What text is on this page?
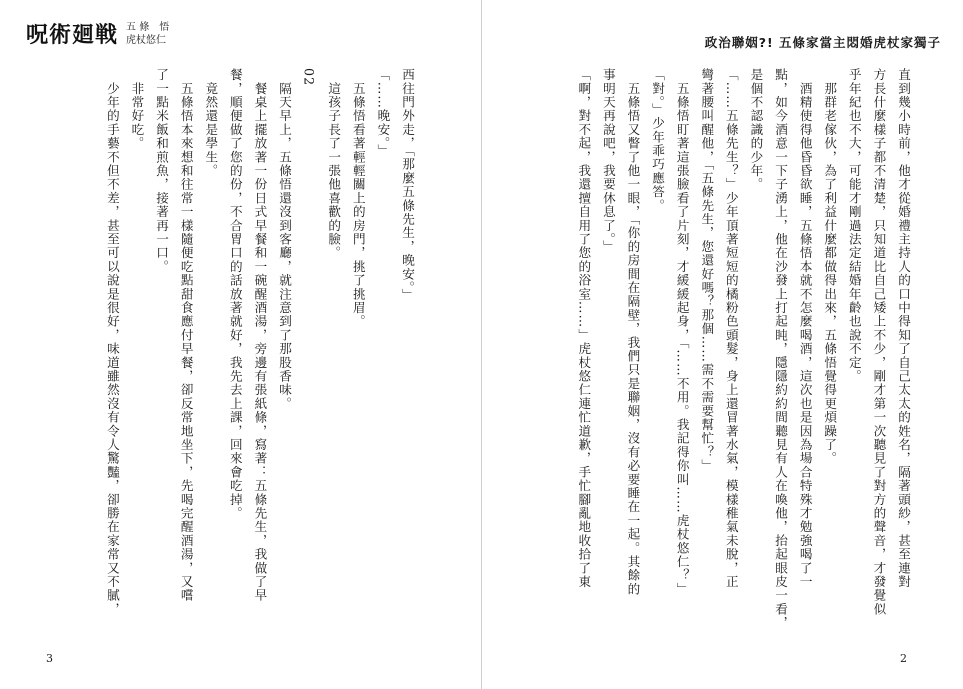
呪術廻戦 五 條　悟
虎杖悠仁

西往門外走，「那麼五條先生，晚安。」

「……晚安。」

　五條悟看著輕輕關上的房門，挑了挑眉。

　這孩子長了一張他喜歡的臉。

02

　隔天早上，五條悟還沒到客廳，就注意到了那股香味。

　餐桌上擺放著一份日式早餐和一碗醒酒湯，旁邊有張紙條，寫著：五條先生，我做了早

餐，順便做了您的份，不合胃口的話放著就好，我先去上課，回來會吃掉。

　竟然還是學生。

　五條悟本來想和往常一樣隨便吃點甜食應付早餐，卻反常地坐下，先喝完醒酒湯，又嚐

了一點米飯和煎魚，接著再一口。

　非常好吃。

　少年的手藝不但不差，甚至可以說是很好，味道雖然沒有令人驚豔，卻勝在家常又不膩，

3
政治聯姻?! 五條家當主悶婚虎杖家獨子

直到幾小時前，他才從婚禮主持人的口中得知了自己太太的姓名，隔著頭紗，甚至連對

方長什麼樣子都不清楚，只知道比自己矮上不少，剛才第一次聽見了對方的聲音，才發覺似

乎年紀也不大，可能才剛過法定結婚年齡也說不定。

　那群老傢伙，為了利益什麼都做得出來，五條悟覺得更煩躁了。

　酒精使得他昏昏欲睡，五條悟本就不怎麼喝酒，這次也是因為場合特殊才勉強喝了一

點，如今酒意一下子湧上，他在沙發上打起盹，隱隱約約間聽見有人在喚他，抬起眼皮一看，

是個不認識的少年。

「……五條先生？」少年頂著短短的橘粉色頭髮，身上還冒著水氣，模樣稚氣未脫，正

彎著腰叫醒他，「五條先生，您還好嗎？那個……需不需要幫忙？」

　五條悟盯著這張臉看了片刻，才緩緩起身，「……不用。我記得你叫……虎杖悠仁？」

「對。」少年乖巧應答。

　五條悟又瞥了他一眼，「你的房間在隔壁，我們只是聯姻，沒有必要睡在一起。其餘的

事明天再說吧，我要休息了。」

「啊，對不起，我還擅自用了您的浴室……」虎杖悠仁連忙道歉，手忙腳亂地收拾了東

2
